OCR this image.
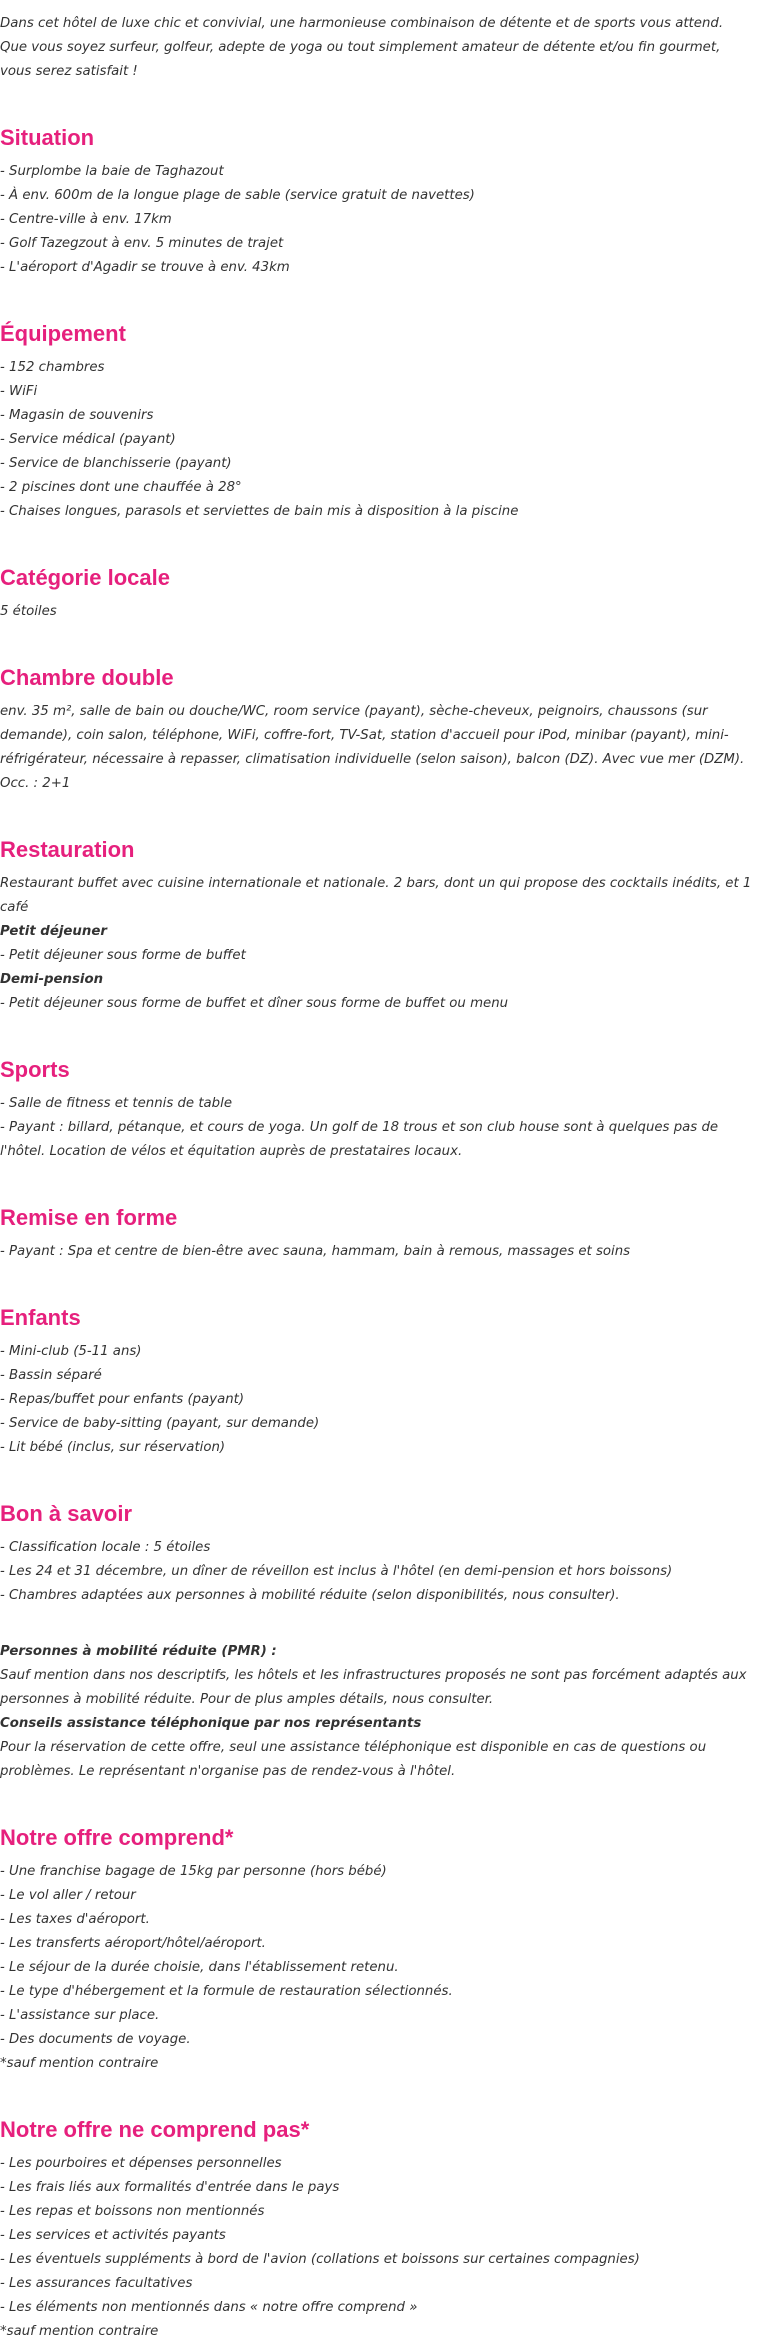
Dans cet hôtel de luxe chic et convivial, une harmonieuse combinaison de détente et de sports vous attend. Que vous soyez surfeur, golfeur, adepte de yoga ou tout simplement amateur de détente et/ou fin gourmet, vous serez satisfait !

Situation

- Surplombe la baie de Taghazout

- À env. 600m de la longue plage de sable (service gratuit de navettes)

- Centre-ville à env. 17km

- Golf Tazegzout à env. 5 minutes de trajet

- L'aéroport d'Agadir se trouve à env. 43km

Équipement

- 152 chambres

- WiFi

- Magasin de souvenirs

- Service médical (payant)

- Service de blanchisserie (payant)

- 2 piscines dont une chauffée à 28°

- Chaises longues, parasols et serviettes de bain mis à disposition à la piscine

Catégorie locale

5 étoiles

Chambre double

env. 35 m², salle de bain ou douche/WC, room service (payant), sèche-cheveux, peignoirs, chaussons (sur demande), coin salon, téléphone, WiFi, coffre-fort, TV-Sat, station d'accueil pour iPod, minibar (payant), mini-réfrigérateur, nécessaire à repasser, climatisation individuelle (selon saison), balcon (DZ). Avec vue mer (DZM). Occ. : 2+1

Restauration

Restaurant buffet avec cuisine internationale et nationale. 2 bars, dont un qui propose des cocktails inédits, et 1 café

Petit déjeuner

- Petit déjeuner sous forme de buffet

Demi-pension

- Petit déjeuner sous forme de buffet et dîner sous forme de buffet ou menu

Sports

- Salle de fitness et tennis de table

- Payant : billard, pétanque, et cours de yoga. Un golf de 18 trous et son club house sont à quelques pas de l'hôtel. Location de vélos et équitation auprès de prestataires locaux.

Remise en forme

- Payant : Spa et centre de bien-être avec sauna, hammam, bain à remous, massages et soins

Enfants

- Mini-club (5-11 ans)

- Bassin séparé

- Repas/buffet pour enfants (payant)

- Service de baby-sitting (payant, sur demande)

- Lit bébé (inclus, sur réservation)

Bon à savoir

- Classification locale : 5 étoiles

- Les 24 et 31 décembre, un dîner de réveillon est inclus à l'hôtel (en demi-pension et hors boissons)

- Chambres adaptées aux personnes à mobilité réduite (selon disponibilités, nous consulter).

Personnes à mobilité réduite (PMR) :

Sauf mention dans nos descriptifs, les hôtels et les infrastructures proposés ne sont pas forcément adaptés aux personnes à mobilité réduite. Pour de plus amples détails, nous consulter.

Conseils assistance téléphonique par nos représentants

Pour la réservation de cette offre, seul une assistance téléphonique est disponible en cas de questions ou problèmes. Le représentant n'organise pas de rendez-vous à l'hôtel.

Notre offre comprend*

- Une franchise bagage de 15kg par personne (hors bébé)

- Le vol aller / retour

- Les taxes d'aéroport.

- Les transferts aéroport/hôtel/aéroport.

- Le séjour de la durée choisie, dans l'établissement retenu.

- Le type d'hébergement et la formule de restauration sélectionnés.

- L'assistance sur place.

- Des documents de voyage.

*sauf mention contraire

Notre offre ne comprend pas*

- Les pourboires et dépenses personnelles

- Les frais liés aux formalités d'entrée dans le pays

- Les repas et boissons non mentionnés

- Les services et activités payants

- Les éventuels suppléments à bord de l'avion (collations et boissons sur certaines compagnies)

- Les assurances facultatives

- Les éléments non mentionnés dans « notre offre comprend »

*sauf mention contraire
